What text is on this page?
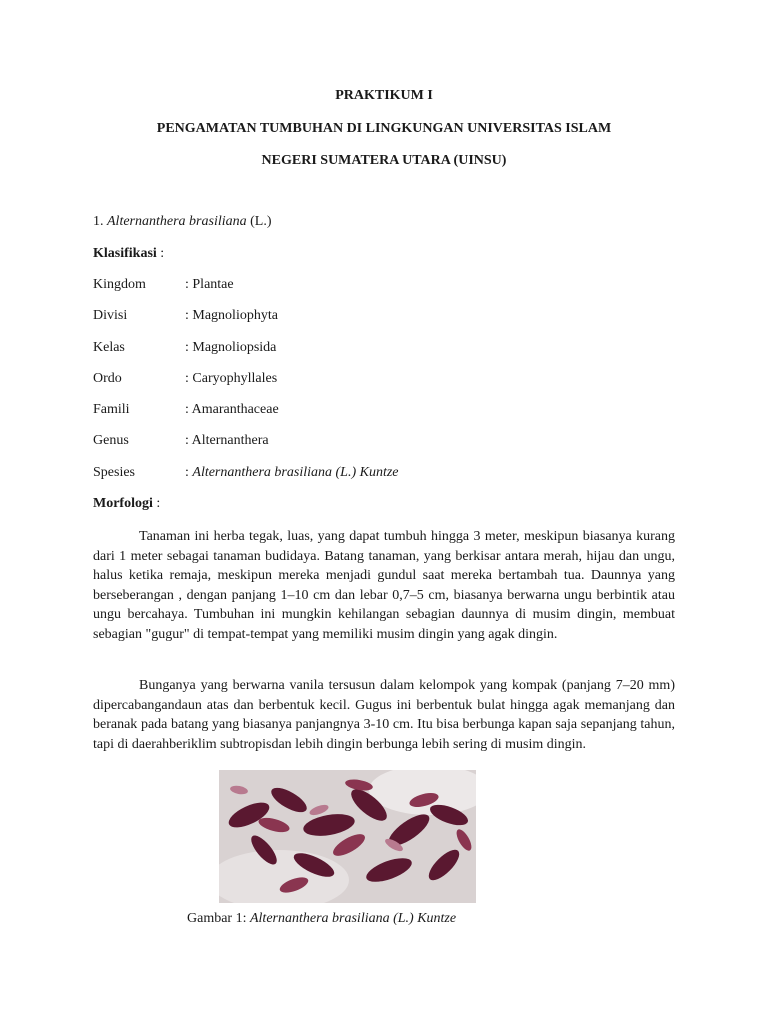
PRAKTIKUM I
PENGAMATAN TUMBUHAN DI LINGKUNGAN UNIVERSITAS ISLAM
NEGERI SUMATERA UTARA (UINSU)
1. Alternanthera brasiliana (L.)
Klasifikasi :
Kingdom	: Plantae
Divisi	: Magnoliophyta
Kelas	: Magnoliopsida
Ordo	: Caryophyllales
Famili	: Amaranthaceae
Genus	: Alternanthera
Spesies	: Alternanthera brasiliana (L.) Kuntze
Morfologi :
Tanaman ini herba tegak, luas, yang dapat tumbuh hingga 3 meter, meskipun biasanya kurang dari 1 meter sebagai tanaman budidaya. Batang tanaman, yang berkisar antara merah, hijau dan ungu, halus ketika remaja, meskipun mereka menjadi gundul saat mereka bertambah tua. Daunnya yang berseberangan , dengan panjang 1–10 cm dan lebar 0,7–5 cm, biasanya berwarna ungu berbintik atau ungu bercahaya. Tumbuhan ini mungkin kehilangan sebagian daunnya di musim dingin, membuat sebagian "gugur" di tempat-tempat yang memiliki musim dingin yang agak dingin.
Bunganya yang berwarna vanila tersusun dalam kelompok yang kompak (panjang 7–20 mm) dipercabangandaun atas dan berbentuk kecil. Gugus ini berbentuk bulat hingga agak memanjang dan beranak pada batang yang biasanya panjangnya 3-10 cm. Itu bisa berbunga kapan saja sepanjang tahun, tapi di daerahberiklim subtropisdan lebih dingin berbunga lebih sering di musim dingin.
Gambar 1: Alternanthera brasiliana (L.) Kuntze
